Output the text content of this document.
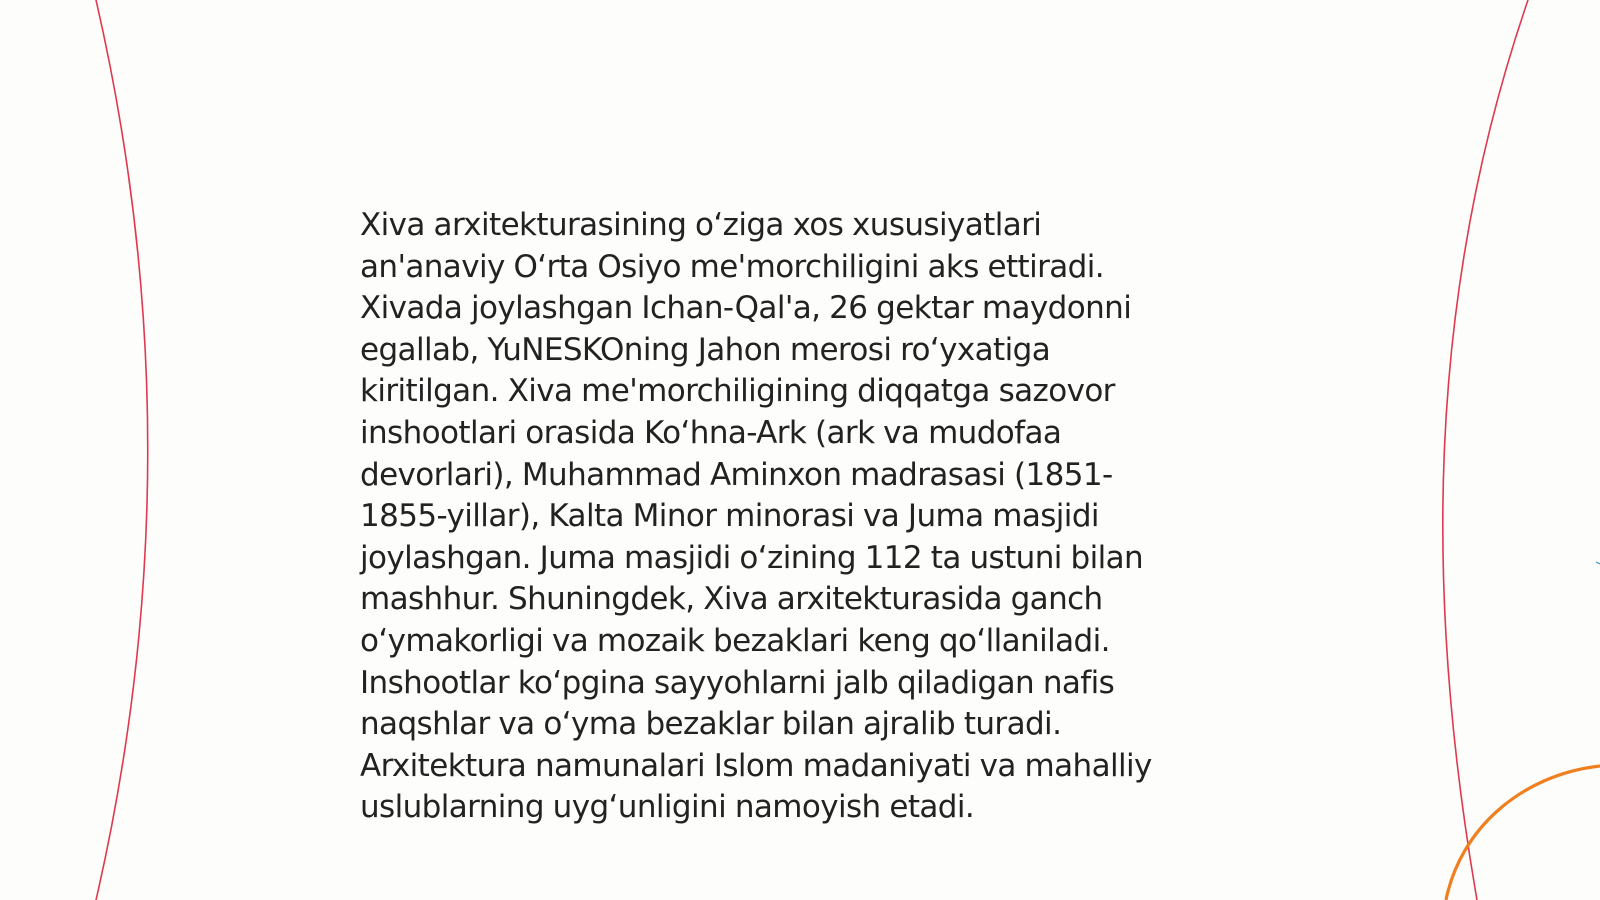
Xiva arxitekturasining oʻziga xos xususiyatlari
an'anaviy Oʻrta Osiyo me'morchiligini aks ettiradi.
Xivada joylashgan Ichan-Qal'a, 26 gektar maydonni
egallab, YuNESKOning Jahon merosi roʻyxatiga
kiritilgan. Xiva me'morchiligining diqqatga sazovor
inshootlari orasida Koʻhna-Ark (ark va mudofaa
devorlari), Muhammad Aminxon madrasasi (1851-
1855-yillar), Kalta Minor minorasi va Juma masjidi
joylashgan. Juma masjidi oʻzining 112 ta ustuni bilan
mashhur. Shuningdek, Xiva arxitekturasida ganch
oʻymakorligi va mozaik bezaklari keng qoʻllaniladi.
Inshootlar koʻpgina sayyohlarni jalb qiladigan nafis
naqshlar va oʻyma bezaklar bilan ajralib turadi.
Arxitektura namunalari Islom madaniyati va mahalliy
uslublarning uygʻunligini namoyish etadi.
